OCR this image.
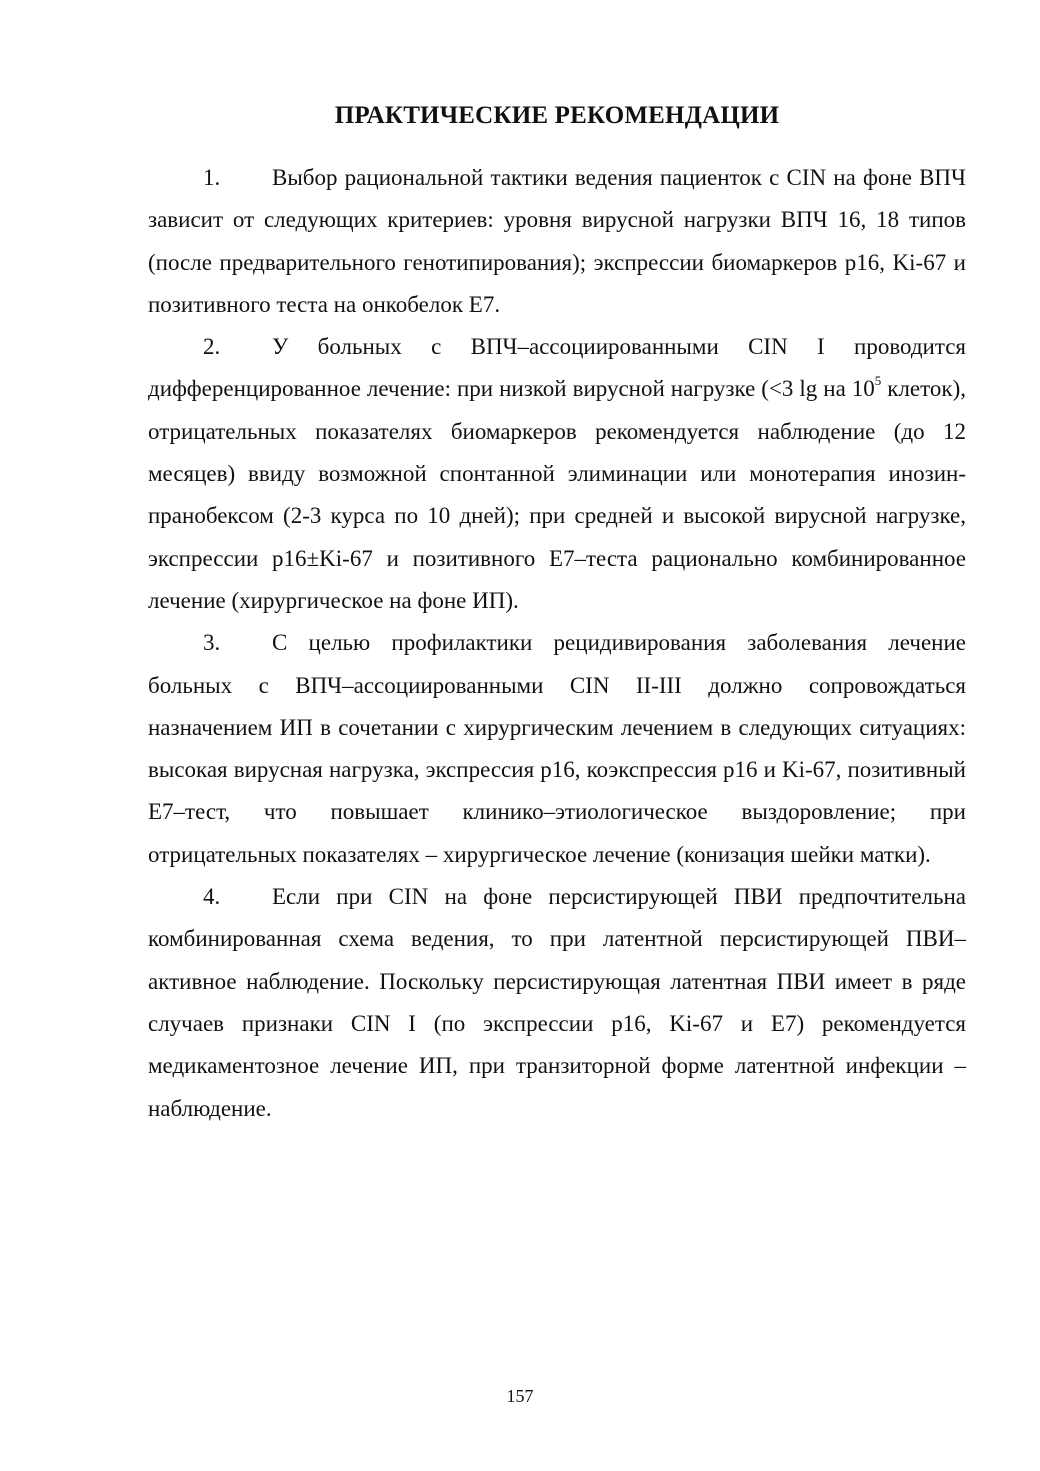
ПРАКТИЧЕСКИЕ РЕКОМЕНДАЦИИ

1. Выбор рациональной тактики ведения пациенток с CIN на фоне ВПЧ зависит от следующих критериев: уровня вирусной нагрузки ВПЧ 16, 18 типов (после предварительного генотипирования); экспрессии биомаркеров p16, Ki-67 и позитивного теста на онкобелок E7.

2. У больных с ВПЧ–ассоциированными CIN I проводится дифференцированное лечение: при низкой вирусной нагрузке (<3 lg на $10^5$ клеток), отрицательных показателях биомаркеров рекомендуется наблюдение (до 12 месяцев) ввиду возможной спонтанной элиминации или монотерапия инозин-пранобексом (2-3 курса по 10 дней); при средней и высокой вирусной нагрузке, экспрессии p16±Ki-67 и позитивного E7–теста рационально комбинированное лечение (хирургическое на фоне ИП).

3. С целью профилактики рецидивирования заболевания лечение больных с ВПЧ–ассоциированными CIN II-III должно сопровождаться назначением ИП в сочетании с хирургическим лечением в следующих ситуациях: высокая вирусная нагрузка, экспрессия p16, коэкспрессия p16 и Ki-67, позитивный E7–тест, что повышает клинико–этиологическое выздоровление; при отрицательных показателях – хирургическое лечение (конизация шейки матки).

4. Если при CIN на фоне персистирующей ПВИ предпочтительна комбинированная схема ведения, то при латентной персистирующей ПВИ–активное наблюдение. Поскольку персистирующая латентная ПВИ имеет в ряде случаев признаки CIN I (по экспрессии p16, Ki-67 и E7) рекомендуется медикаментозное лечение ИП, при транзиторной форме латентной инфекции – наблюдение.

157
